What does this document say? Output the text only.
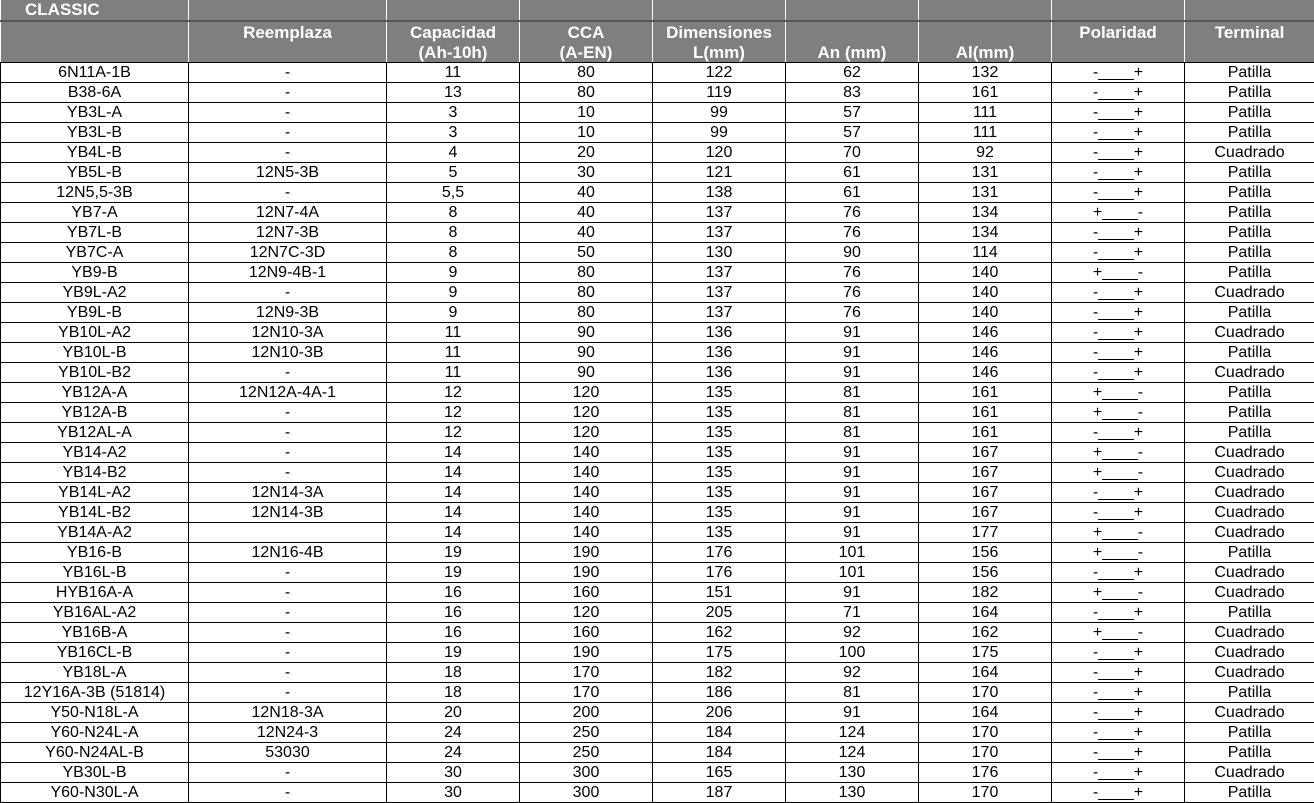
CLASSIC								
	Reemplaza	Capacidad	CCA	Dimensiones			Polaridad	Terminal
		(Ah-10h)	(A-EN)	L(mm)	An (mm)	Al(mm)		
6N11A-1B	-	11	80	122	62	132	-____+	Patilla
B38-6A	-	13	80	119	83	161	-____+	Patilla
YB3L-A	-	3	10	99	57	111	-____+	Patilla
YB3L-B	-	3	10	99	57	111	-____+	Patilla
YB4L-B	-	4	20	120	70	92	-____+	Cuadrado
YB5L-B	12N5-3B	5	30	121	61	131	-____+	Patilla
12N5,5-3B	-	5,5	40	138	61	131	-____+	Patilla
YB7-A	12N7-4A	8	40	137	76	134	+____-	Patilla
YB7L-B	12N7-3B	8	40	137	76	134	-____+	Patilla
YB7C-A	12N7C-3D	8	50	130	90	114	-____+	Patilla
YB9-B	12N9-4B-1	9	80	137	76	140	+____-	Patilla
YB9L-A2	-	9	80	137	76	140	-____+	Cuadrado
YB9L-B	12N9-3B	9	80	137	76	140	-____+	Patilla
YB10L-A2	12N10-3A	11	90	136	91	146	-____+	Cuadrado
YB10L-B	12N10-3B	11	90	136	91	146	-____+	Patilla
YB10L-B2	-	11	90	136	91	146	-____+	Cuadrado
YB12A-A	12N12A-4A-1	12	120	135	81	161	+____-	Patilla
YB12A-B	-	12	120	135	81	161	+____-	Patilla
YB12AL-A	-	12	120	135	81	161	-____+	Patilla
YB14-A2	-	14	140	135	91	167	+____-	Cuadrado
YB14-B2	-	14	140	135	91	167	+____-	Cuadrado
YB14L-A2	12N14-3A	14	140	135	91	167	-____+	Cuadrado
YB14L-B2	12N14-3B	14	140	135	91	167	-____+	Cuadrado
YB14A-A2		14	140	135	91	177	+____-	Cuadrado
YB16-B	12N16-4B	19	190	176	101	156	+____-	Patilla
YB16L-B	-	19	190	176	101	156	-____+	Cuadrado
HYB16A-A	-	16	160	151	91	182	+____-	Cuadrado
YB16AL-A2	-	16	120	205	71	164	-____+	Patilla
YB16B-A	-	16	160	162	92	162	+____-	Cuadrado
YB16CL-B	-	19	190	175	100	175	-____+	Cuadrado
YB18L-A	-	18	170	182	92	164	-____+	Cuadrado
12Y16A-3B (51814)	-	18	170	186	81	170	-____+	Patilla
Y50-N18L-A	12N18-3A	20	200	206	91	164	-____+	Cuadrado
Y60-N24L-A	12N24-3	24	250	184	124	170	-____+	Patilla
Y60-N24AL-B	53030	24	250	184	124	170	-____+	Patilla
YB30L-B	-	30	300	165	130	176	-____+	Cuadrado
Y60-N30L-A	-	30	300	187	130	170	-____+	Patilla
